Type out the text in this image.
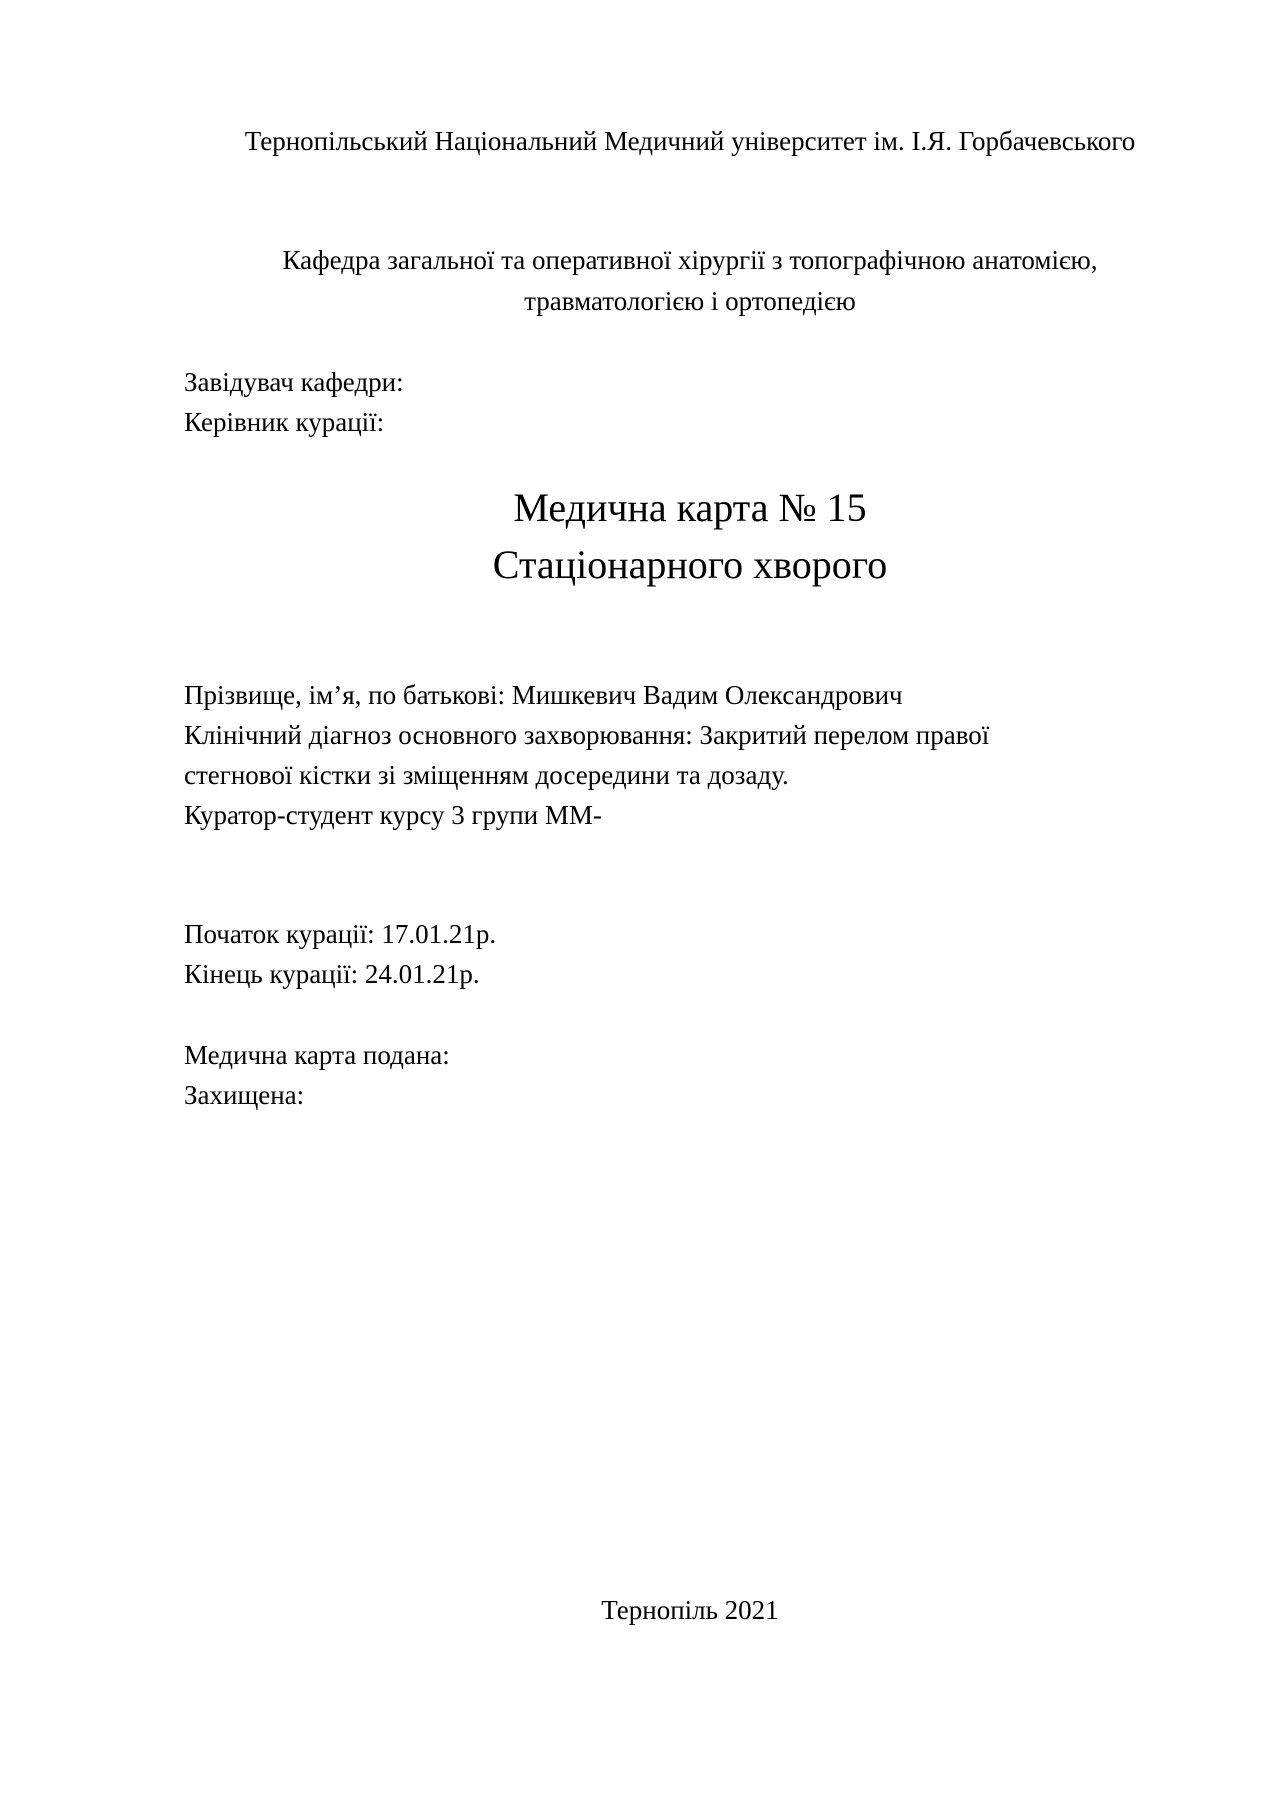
Тернопільський Національний Медичний університет ім. І.Я. Горбачевського
Кафедра загальної та оперативної хірургії з топографічною анатомією,
травматологією і ортопедією
Завідувач кафедри:
Керівник курації:
Медична карта № 15
Стаціонарного хворого
Прізвище, ім’я, по батькові: Мишкевич Вадим Олександрович
Клінічний діагноз основного захворювання: Закритий перелом правої
стегнової кістки зі зміщенням досередини та дозаду.
Куратор-студент курсу 3 групи ММ-
Початок курації: 17.01.21р.
Кінець курації: 24.01.21р.
Медична карта подана:
Захищена:
Тернопіль 2021
